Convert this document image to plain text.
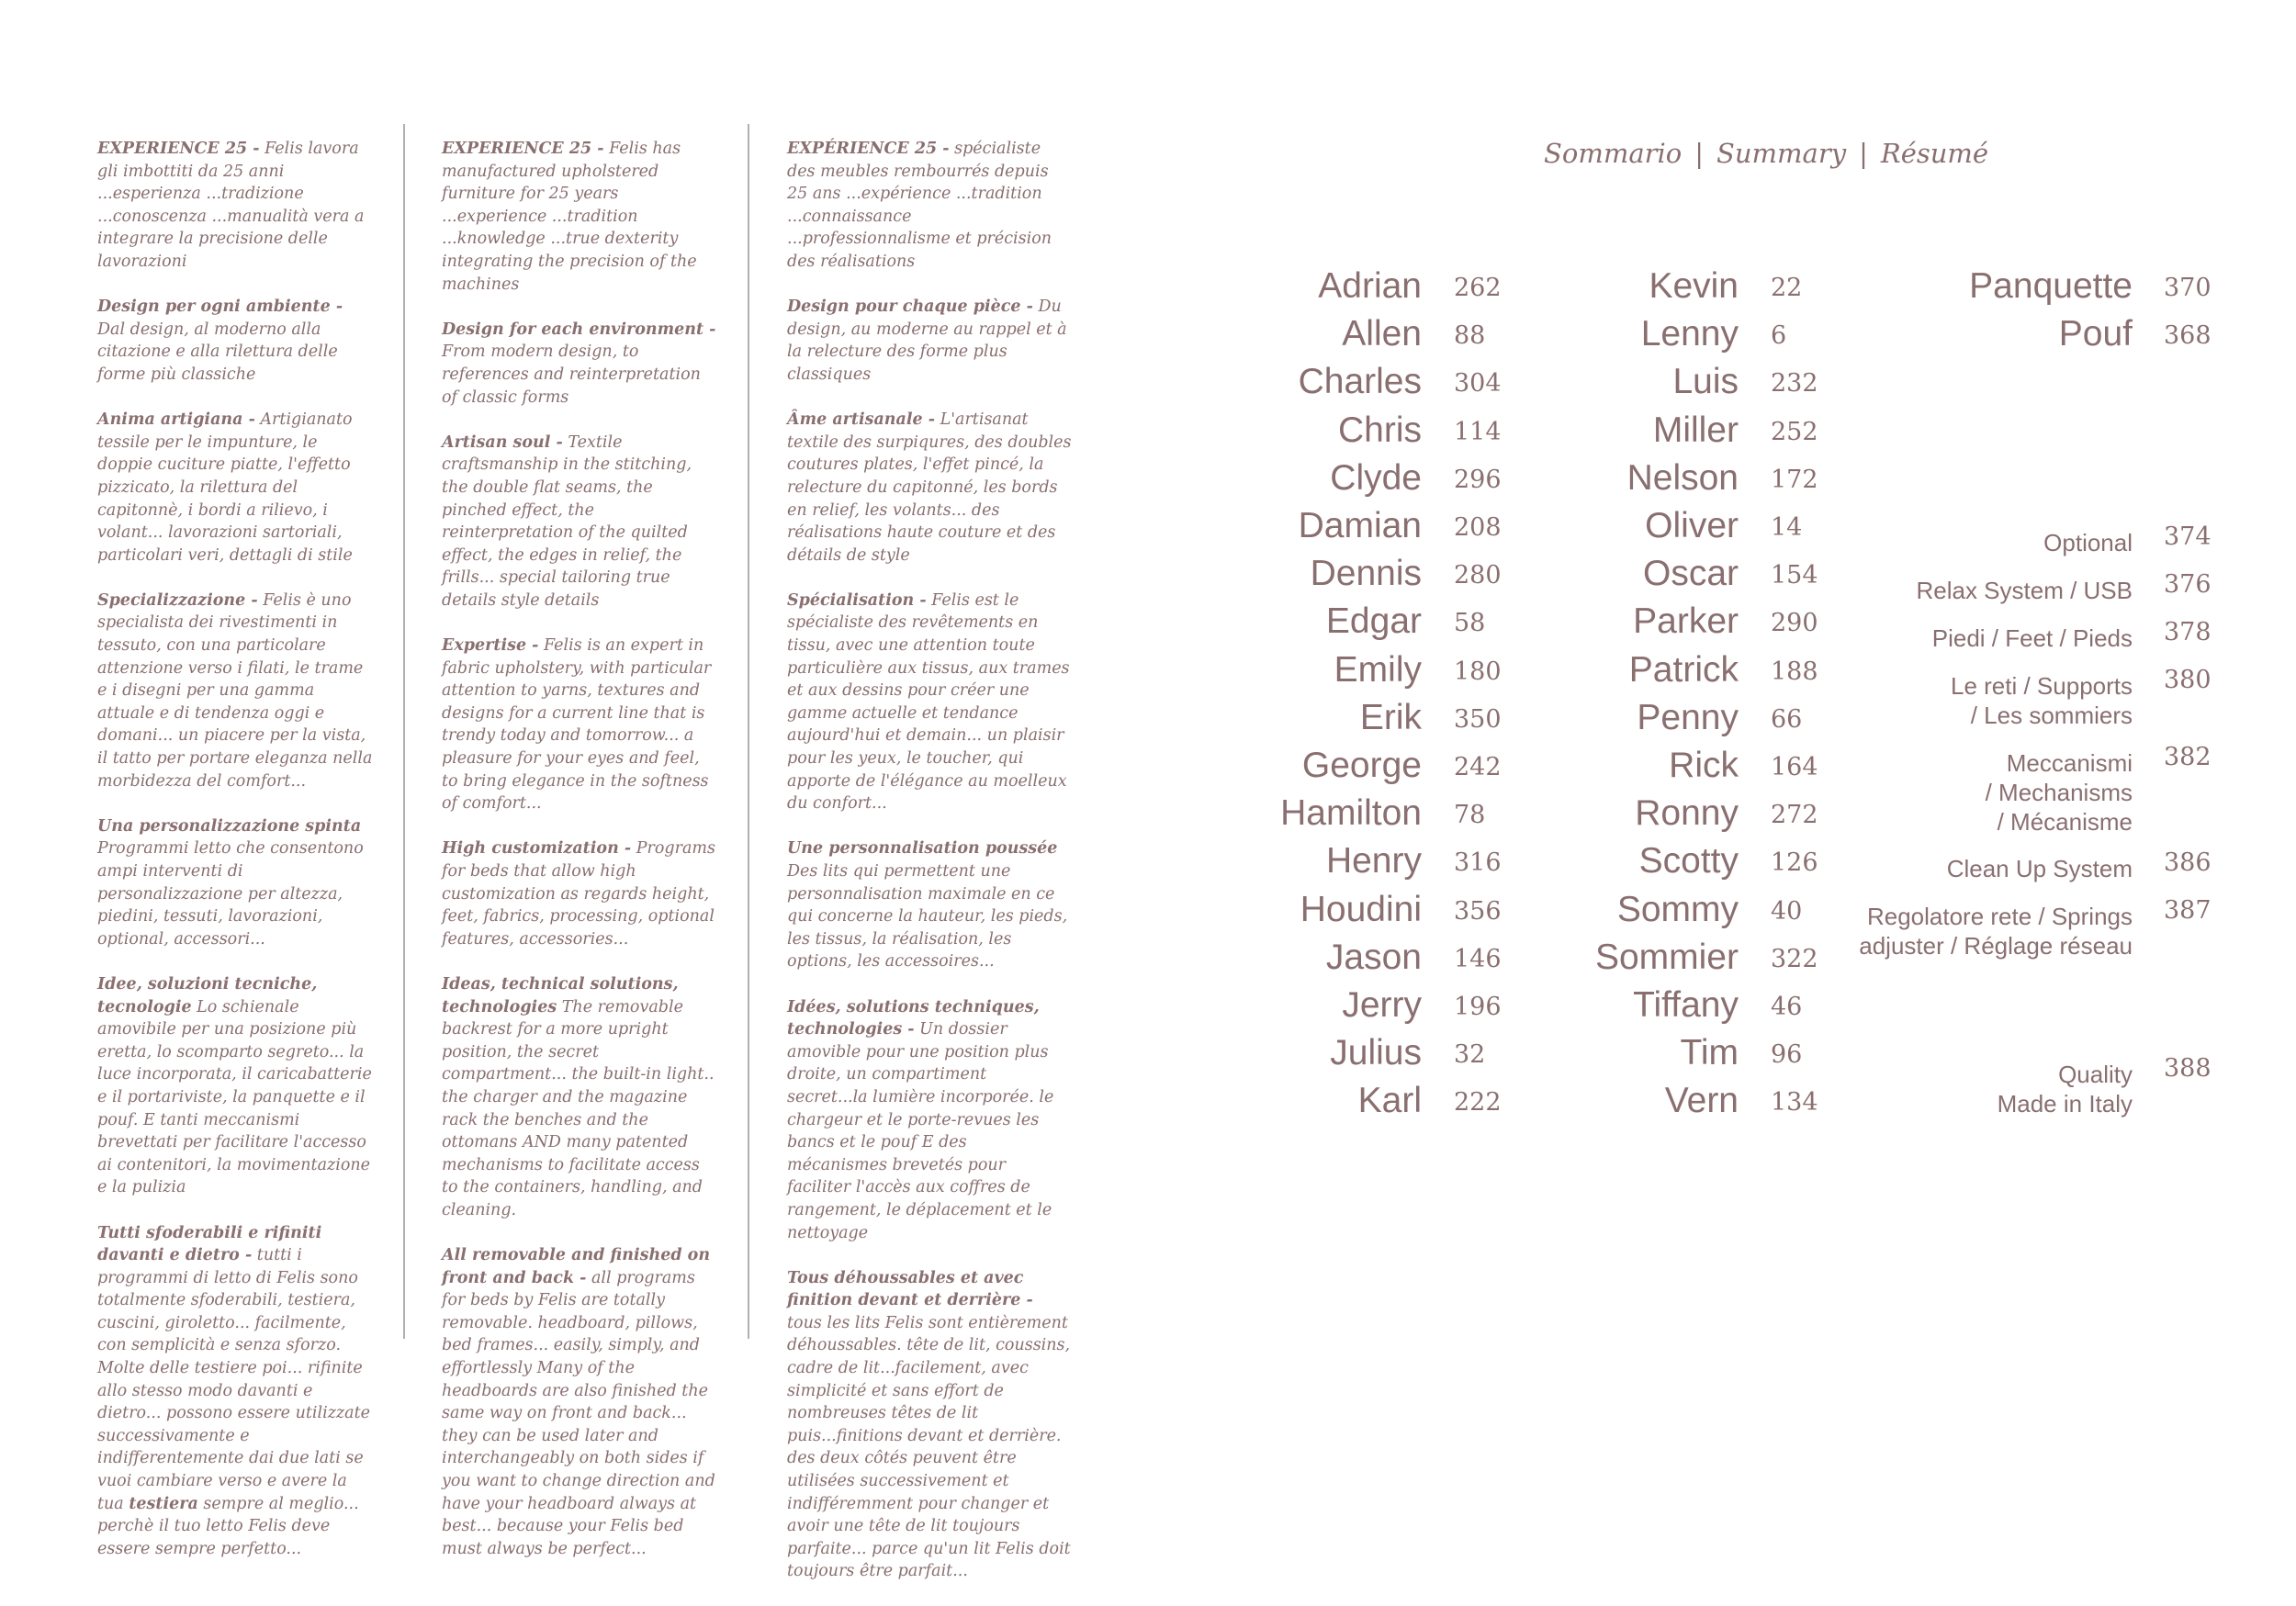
EXPERIENCE 25 - Felis lavora gli imbottiti da 25 anni ...esperienza ...tradizione ...conoscenza ...manualità vera a integrare la precisione delle lavorazioni

Design per ogni ambiente - Dal design, al moderno alla citazione e alla rilettura delle forme più classiche

Anima artigiana - Artigianato tessile per le impunture, le doppie cuciture piatte, l'effetto pizzicato, la rilettura del capitonnè, i bordi a rilievo, i volant... lavorazioni sartoriali, particolari veri, dettagli di stile

Specializzazione - Felis è uno specialista dei rivestimenti in tessuto, con una particolare attenzione verso i filati, le trame e i disegni per una gamma attuale e di tendenza oggi e domani... un piacere per la vista, il tatto per portare eleganza nella morbidezza del comfort...

Una personalizzazione spinta Programmi letto che consentono ampi interventi di personalizzazione per altezza, piedini, tessuti, lavorazioni, optional, accessori...

Idee, soluzioni tecniche, tecnologie Lo schienale amovibile per una posizione più eretta, lo scomparto segreto... la luce incorporata, il caricabatterie e il portariviste, la panquette e il pouf. E tanti meccanismi brevettati per facilitare l'accesso ai contenitori, la movimentazione e la pulizia

Tutti sfoderabili e rifiniti davanti e dietro - tutti i programmi di letto di Felis sono totalmente sfoderabili, testiera, cuscini, giroletto... facilmente, con semplicità e senza sforzo. Molte delle testiere poi... rifinite allo stesso modo davanti e dietro... possono essere utilizzate successivamente e indifferentemente dai due lati se vuoi cambiare verso e avere la tua testiera sempre al meglio... perchè il tuo letto Felis deve essere sempre perfetto...

EXPERIENCE 25 - Felis has manufactured upholstered furniture for 25 years ...experience ...tradition ...knowledge ...true dexterity integrating the precision of the machines

Design for each environment - From modern design, to references and reinterpretation of classic forms

Artisan soul - Textile craftsmanship in the stitching, the double flat seams, the pinched effect, the reinterpretation of the quilted effect, the edges in relief, the frills... special tailoring true details style details

Expertise - Felis is an expert in fabric upholstery, with particular attention to yarns, textures and designs for a current line that is trendy today and tomorrow... a pleasure for your eyes and feel, to bring elegance in the softness of comfort...

High customization - Programs for beds that allow high customization as regards height, feet, fabrics, processing, optional features, accessories...

Ideas, technical solutions, technologies The removable backrest for a more upright position, the secret compartment... the built-in light.. the charger and the magazine rack the benches and the ottomans AND many patented mechanisms to facilitate access to the containers, handling, and cleaning.

All removable and finished on front and back - all programs for beds by Felis are totally removable. headboard, pillows, bed frames... easily, simply, and effortlessly Many of the headboards are also finished the same way on front and back... they can be used later and interchangeably on both sides if you want to change direction and have your headboard always at best... because your Felis bed must always be perfect...

EXPÉRIENCE 25 - spécialiste des meubles rembourrés depuis 25 ans ...expérience ...tradition ...connaissance ...professionnalisme et précision des réalisations

Design pour chaque pièce - Du design, au moderne au rappel et à la relecture des forme plus classiques

Âme artisanale - L'artisanat textile des surpiqures, des doubles coutures plates, l'effet pincé, la relecture du capitonné, les bords en relief, les volants... des réalisations haute couture et des détails de style

Spécialisation - Felis est le spécialiste des revêtements en tissu, avec une attention toute particulière aux tissus, aux trames et aux dessins pour créer une gamme actuelle et tendance aujourd'hui et demain... un plaisir pour les yeux, le toucher, qui apporte de l'élégance au moelleux du confort...

Une personnalisation poussée Des lits qui permettent une personnalisation maximale en ce qui concerne la hauteur, les pieds, les tissus, la réalisation, les options, les accessoires...

Idées, solutions techniques, technologies - Un dossier amovible pour une position plus droite, un compartiment secret...la lumière incorporée. le chargeur et le porte-revues les bancs et le pouf E des mécanismes brevetés pour faciliter l'accès aux coffres de rangement, le déplacement et le nettoyage

Tous déhoussables et avec finition devant et derrière - tous les lits Felis sont entièrement déhoussables. tête de lit, coussins, cadre de lit...facilement, avec simplicité et sans effort de nombreuses têtes de lit puis...finitions devant et derrière. des deux côtés peuvent être utilisées successivement et indifféremment pour changer et avoir une tête de lit toujours parfaite... parce qu'un lit Felis doit toujours être parfait...

Sommario | Summary | Résumé
Adrian 262
Allen 88
Charles 304
Chris 114
Clyde 296
Damian 208
Dennis 280
Edgar 58
Emily 180
Erik 350
George 242
Hamilton 78
Henry 316
Houdini 356
Jason 146
Jerry 196
Julius 32
Karl 222
Kevin 22
Lenny 6
Luis 232
Miller 252
Nelson 172
Oliver 14
Oscar 154
Parker 290
Patrick 188
Penny 66
Rick 164
Ronny 272
Scotty 126
Sommy 40
Sommier 322
Tiffany 46
Tim 96
Vern 134
Panquette 370
Pouf 368
Optional 374
Relax System / USB 376
Piedi / Feet / Pieds 378
Le reti / Supports
/ Les sommiers
380
Meccanismi
/ Mechanisms
/ Mécanisme
382
Clean Up System 386
Regolatore rete / Springs
adjuster / Réglage réseau
387
Quality
Made in Italy
388
